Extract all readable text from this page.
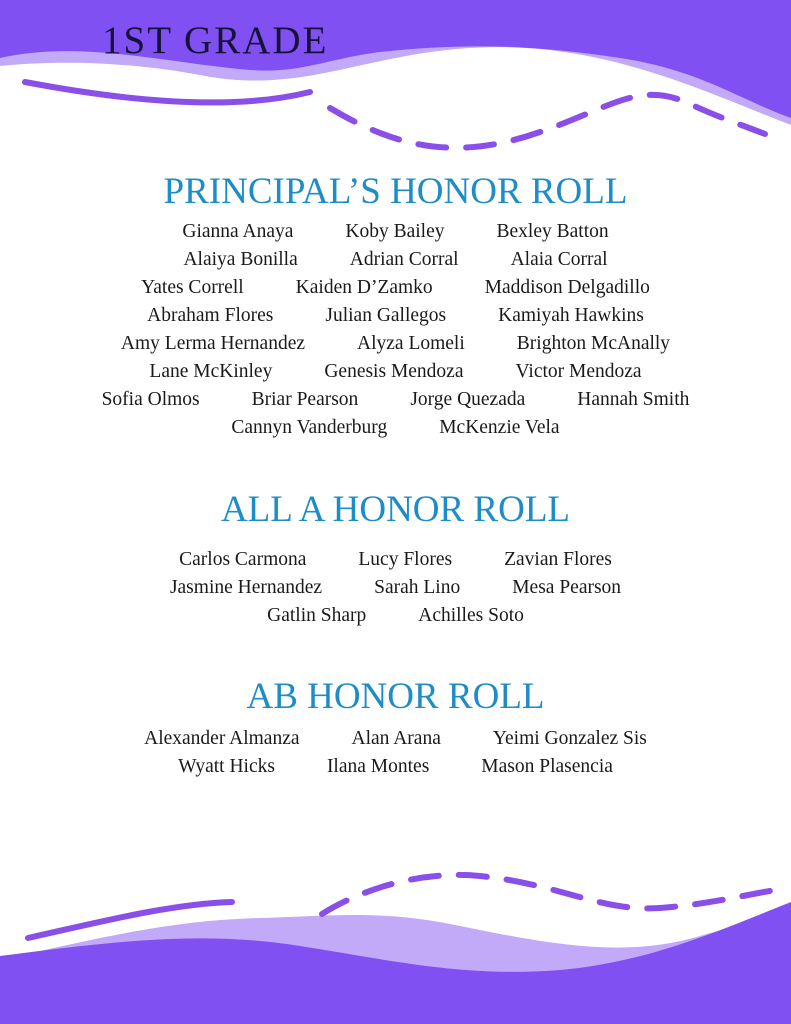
1ST GRADE
PRINCIPAL’S HONOR ROLL
Gianna Anaya	Koby Bailey	Bexley Batton
Alaiya Bonilla	Adrian Corral	Alaia Corral
Yates Correll	Kaiden D’Zamko	Maddison Delgadillo
Abraham Flores	Julian Gallegos	Kamiyah Hawkins
Amy Lerma Hernandez	Alyza Lomeli	Brighton McAnally
Lane McKinley	Genesis Mendoza	Victor Mendoza
Sofia Olmos	Briar Pearson	Jorge Quezada	Hannah Smith
Cannyn Vanderburg	McKenzie Vela
ALL A HONOR ROLL
Carlos Carmona	Lucy Flores	Zavian Flores
Jasmine Hernandez	Sarah Lino	Mesa Pearson
Gatlin Sharp	Achilles Soto
AB HONOR ROLL
Alexander Almanza	Alan Arana	Yeimi Gonzalez Sis
Wyatt Hicks	Ilana Montes	Mason Plasencia
